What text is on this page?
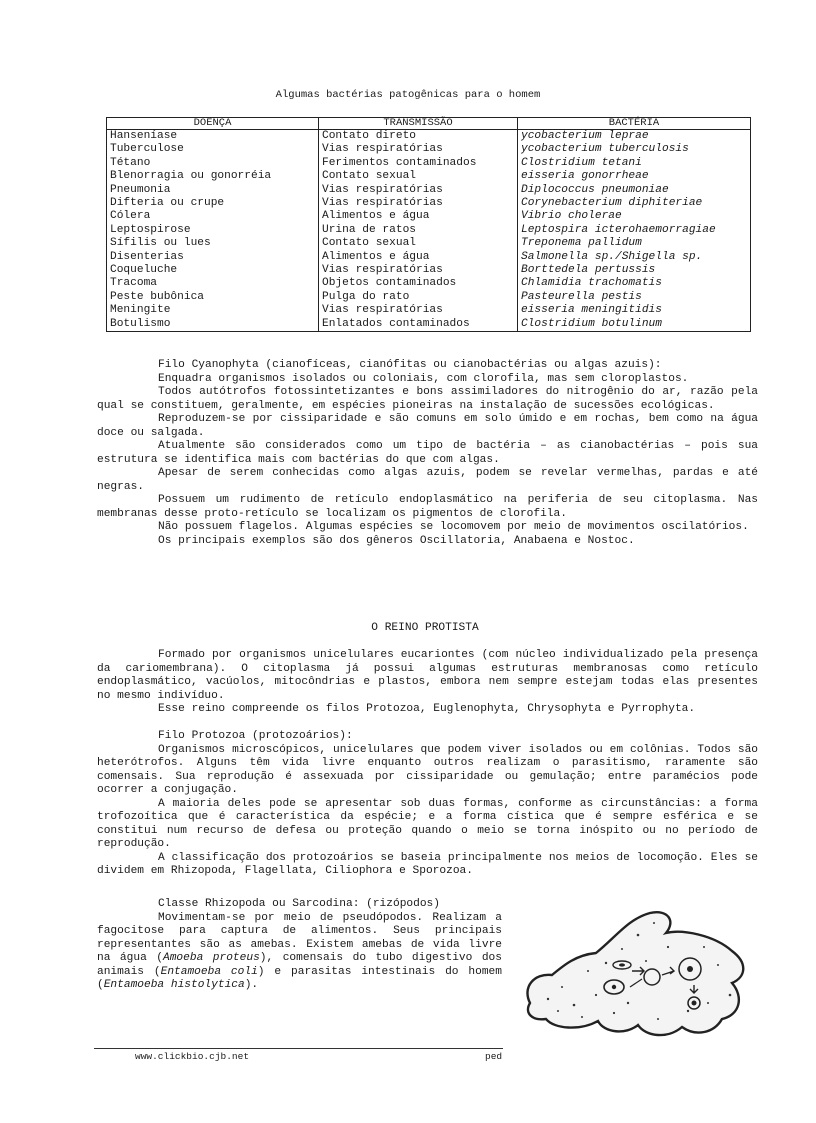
Algumas bactérias patogênicas para o homem
DOENÇA	TRANSMISSÃO	BACTÉRIA
Hanseníase	Contato direto	ycobacterium leprae
Tuberculose	Vias respiratórias	ycobacterium tuberculosis
Tétano	Ferimentos contaminados	Clostridium tetani
Blenorragia ou gonorréia	Contato sexual	eisseria gonorrheae
Pneumonia	Vias respiratórias	Diplococcus pneumoniae
Difteria ou crupe	Vias respiratórias	Corynebacterium diphiteriae
Cólera	Alimentos e água	Vibrio cholerae
Leptospirose	Urina de ratos	Leptospira icterohaemorragiae
Sífilis ou lues	Contato sexual	Treponema pallidum
Disenterias	Alimentos e água	Salmonella sp./Shigella sp.
Coqueluche	Vias respiratórias	Borttedela pertussis
Tracoma	Objetos contaminados	Chlamidia trachomatis
Peste bubônica	Pulga do rato	Pasteurella pestis
Meningite	Vias respiratórias	eisseria meningitidis
Botulismo	Enlatados contaminados	Clostridium botulinum

Filo Cyanophyta (cianofíceas, cianófitas ou cianobactérias ou algas azuis):

Enquadra organismos isolados ou coloniais, com clorofila, mas sem cloroplastos.

Todos autótrofos fotossintetizantes e bons assimiladores do nitrogênio do ar, razão pela qual se constituem, geralmente, em espécies pioneiras na instalação de sucessões ecológicas.

Reproduzem-se por cissiparidade e são comuns em solo úmido e em rochas, bem como na água doce ou salgada.

Atualmente são considerados como um tipo de bactéria – as cianobactérias – pois sua estrutura se identifica mais com bactérias do que com algas.

Apesar de serem conhecidas como algas azuis, podem se revelar vermelhas, pardas e até negras.

Possuem um rudimento de retículo endoplasmático na periferia de seu citoplasma. Nas membranas desse proto-retículo se localizam os pigmentos de clorofila.

Não possuem flagelos. Algumas espécies se locomovem por meio de movimentos oscilatórios.

Os principais exemplos são dos gêneros Oscillatoria, Anabaena e Nostoc.

O REINO PROTISTA

Formado por organismos unicelulares eucariontes (com núcleo individualizado pela presença da cariomembrana). O citoplasma já possui algumas estruturas membranosas como retículo endoplasmático, vacúolos, mitocôndrias e plastos, embora nem sempre estejam todas elas presentes no mesmo indivíduo.

Esse reino compreende os filos Protozoa, Euglenophyta, Chrysophyta e Pyrrophyta.

Filo Protozoa (protozoários):

Organismos microscópicos, unicelulares que podem viver isolados ou em colônias. Todos são heterótrofos. Alguns têm vida livre enquanto outros realizam o parasitismo, raramente são comensais. Sua reprodução é assexuada por cissiparidade ou gemulação; entre paramécios pode ocorrer a conjugação.

A maioria deles pode se apresentar sob duas formas, conforme as circunstâncias: a forma trofozoítica que é característica da espécie; e a forma cística que é sempre esférica e se constitui num recurso de defesa ou proteção quando o meio se torna inóspito ou no período de reprodução.

A classificação dos protozoários se baseia principalmente nos meios de locomoção. Eles se dividem em Rhizopoda, Flagellata, Ciliophora e Sporozoa.

Classe Rhizopoda ou Sarcodina: (rizópodos)

Movimentam-se por meio de pseudópodos. Realizam a fagocitose para captura de alimentos. Seus principais representantes são as amebas. Existem amebas de vida livre na água (Amoeba proteus), comensais do tubo digestivo dos animais (Entamoeba coli) e parasitas intestinais do homem (Entamoeba histolytica).

www.clickbio.cjb.net	ped
